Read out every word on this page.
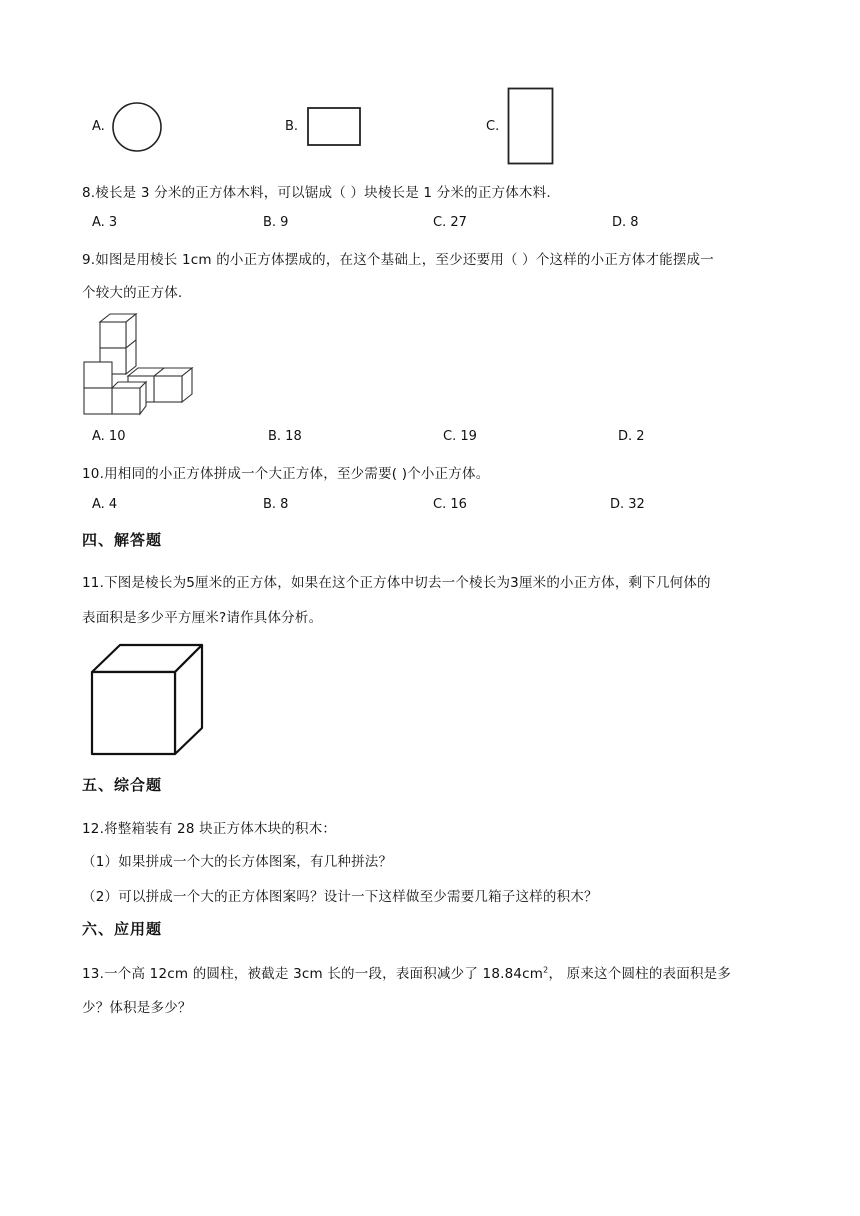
A.	B.	C.
8.棱长是 3 分米的正方体木料，可以锯成（ ）块棱长是 1 分米的正方体木料.
A. 3	B. 9	C. 27	D. 8
9.如图是用棱长 1cm 的小正方体摆成的，在这个基础上，至少还要用（ ）个这样的小正方体才能摆成一
个较大的正方体.
A. 10	B. 18	C. 19	D. 2
10.用相同的小正方体拼成一个大正方体，至少需要( )个小正方体。
A. 4	B. 8	C. 16	D. 32
四、解答题
11.下图是棱长为5厘米的正方体，如果在这个正方体中切去一个棱长为3厘米的小正方体，剩下几何体的
表面积是多少平方厘米?请作具体分析。
五、综合题
12.将整箱装有 28 块正方体木块的积木：
（1）如果拼成一个大的长方体图案，有几种拼法？
（2）可以拼成一个大的正方体图案吗？设计一下这样做至少需要几箱子这样的积木？
六、应用题
13.一个高 12cm 的圆柱，被截走 3cm 长的一段，表面积减少了 $18.84cm^2$， 原来这个圆柱的表面积是多
少？体积是多少？
